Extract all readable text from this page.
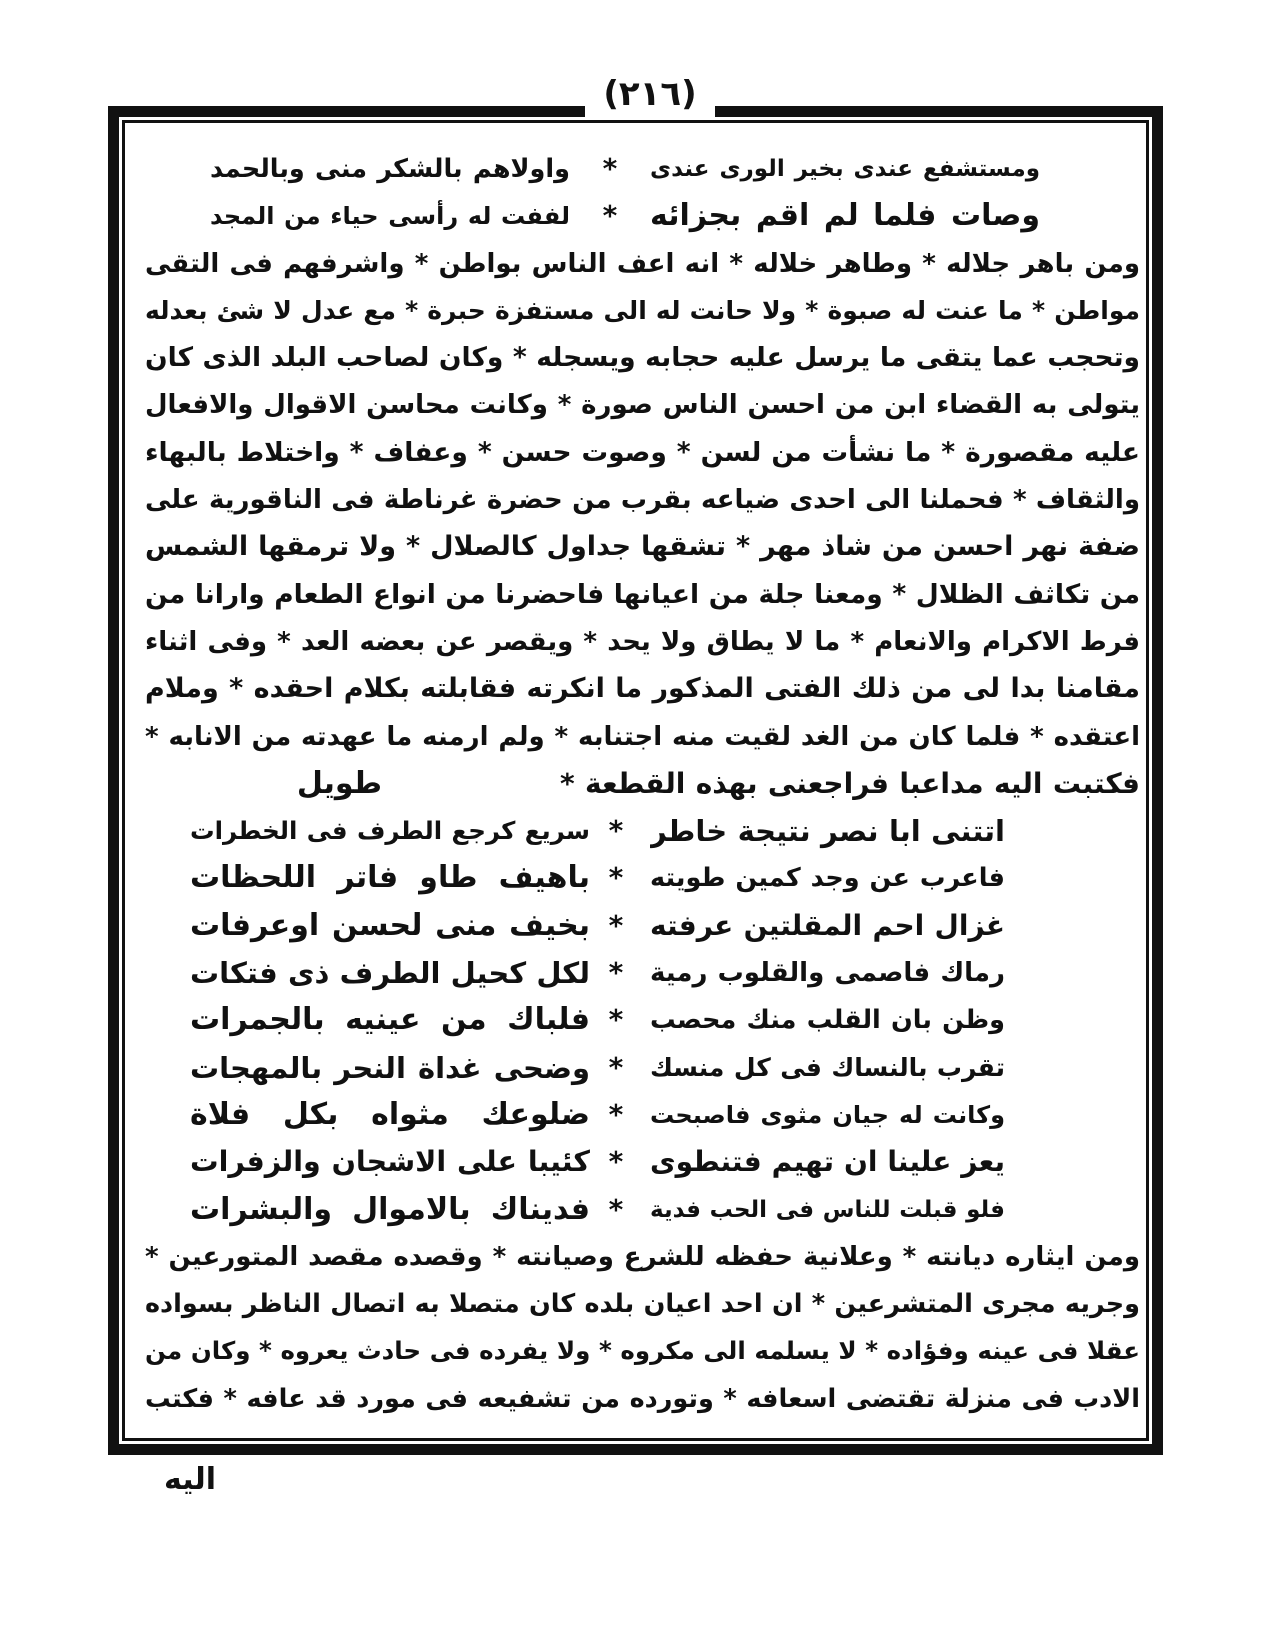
(٢١٦)
ومستشفع عندى بخير الورى عندى
*
واولاهم بالشكر منى وبالحمد
وصات فلما لم اقم بجزائه
*
لففت له رأسى حياء من المجد
ومن باهر جلاله * وطاهر خلاله * انه اعف الناس بواطن * واشرفهم فى التقى
مواطن * ما عنت له صبوة * ولا حانت له الى مستفزة حبرة * مع عدل لا شئ بعدله
وتحجب عما يتقى ما يرسل عليه حجابه ويسجله * وكان لصاحب البلد الذى كان
يتولى به القضاء ابن من احسن الناس صورة * وكانت محاسن الاقوال والافعال
عليه مقصورة * ما نشأت من لسن * وصوت حسن * وعفاف * واختلاط بالبهاء
والثقاف * فحملنا الى احدى ضياعه بقرب من حضرة غرناطة فى الناقورية على
ضفة نهر احسن من شاذ مهر * تشقها جداول كالصلال * ولا ترمقها الشمس
من تكاثف الظلال * ومعنا جلة من اعيانها فاحضرنا من انواع الطعام وارانا من
فرط الاكرام والانعام * ما لا يطاق ولا يحد * ويقصر عن بعضه العد * وفى اثناء
مقامنا بدا لى من ذلك الفتى المذكور ما انكرته فقابلته بكلام احقده * وملام
اعتقده * فلما كان من الغد لقيت منه اجتنابه * ولم ارمنه ما عهدته من الانابه *
فكتبت اليه مداعبا فراجعنى بهذه القطعة *
طويل
اتتنى ابا نصر نتيجة خاطر
*
سريع كرجع الطرف فى الخطرات
فاعرب عن وجد كمين طويته
*
باهيف طاو فاتر اللحظات
غزال احم المقلتين عرفته
*
بخيف منى لحسن اوعرفات
رماك فاصمى والقلوب رمية
*
لكل كحيل الطرف ذى فتكات
وظن بان القلب منك محصب
*
فلباك من عينيه بالجمرات
تقرب بالنساك فى كل منسك
*
وضحى غداة النحر بالمهجات
وكانت له جيان مثوى فاصبحت
*
ضلوعك مثواه بكل فلاة
يعز علينا ان تهيم فتنطوى
*
كئيبا على الاشجان والزفرات
فلو قبلت للناس فى الحب فدية
*
فديناك بالاموال والبشرات
ومن ايثاره ديانته * وعلانية حفظه للشرع وصيانته * وقصده مقصد المتورعين *
وجريه مجرى المتشرعين * ان احد اعيان بلده كان متصلا به اتصال الناظر بسواده
عقلا فى عينه وفؤاده * لا يسلمه الى مكروه * ولا يفرده فى حادث يعروه * وكان من
الادب فى منزلة تقتضى اسعافه * وتورده من تشفيعه فى مورد قد عافه * فكتب
اليه
